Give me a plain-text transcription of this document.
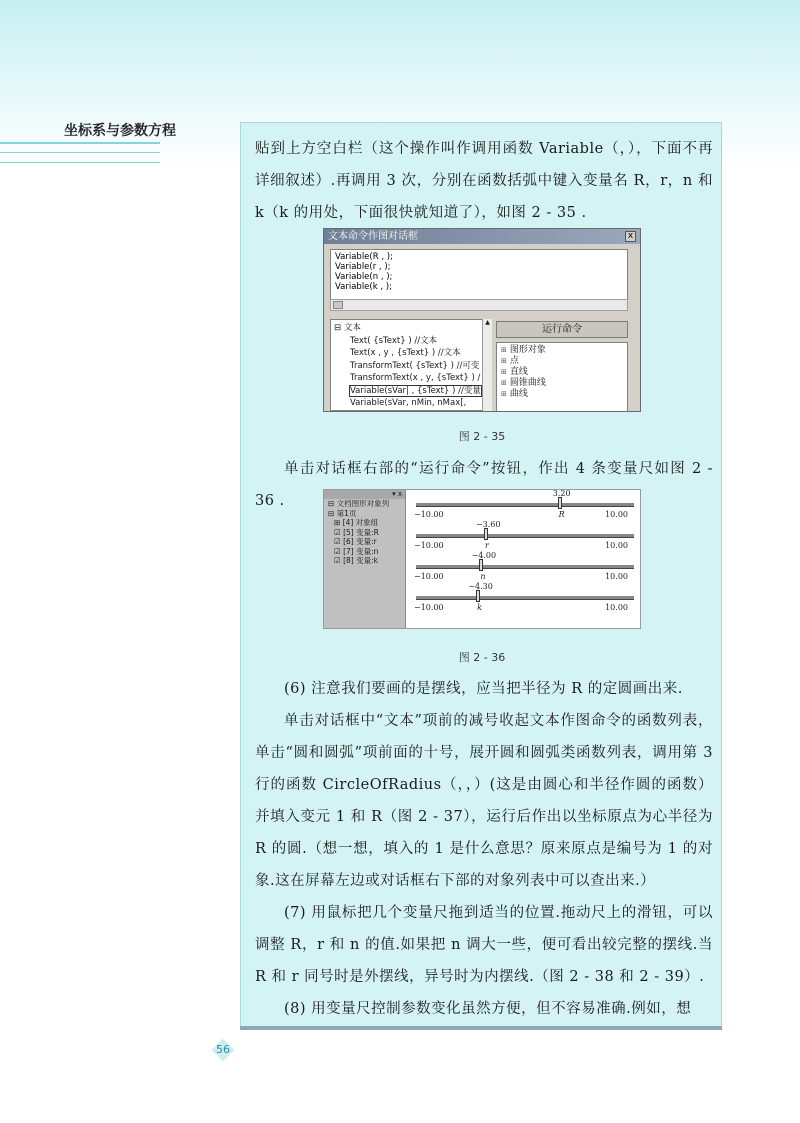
坐标系与参数方程
贴到上方空白栏（这个操作叫作调用函数 Variable（，），下面不再详细叙述）.再调用 3 次，分别在函数括弧中键入变量名 R，r，n 和 k（k 的用处，下面很快就知道了），如图 2 - 35 .
文本命令作图对话框	x
Variable(R , );
Variable(r , );
Variable(n , );
Variable(k , );
⊟ 文本
Text( {sText} ) //文本
Text(x , y , {sText} ) //文本
TransformText( {sText} ) //可变
TransformText(x , y, {sText} ) /
Variable(sVar| , {sText} ) //变量
Variable(sVar, nMin, nMax[,
▲
运行命令
⊞ 图形对象
⊞ 点
⊞ 直线
⊞ 圆锥曲线
⊞ 曲线
图 2 - 35
单击对话框右部的“运行命令”按钮，作出 4 条变量尺如图 2 - 36 .	▾ x
⊟ 文档图形对象列
⊟ 第1页
⊞ [4] 对象组
☑ [5] 变量:R
☑ [6] 变量:r
☑ [7] 变量:n
☑ [8] 变量:k
−10.00	10.00
3.20
R
−10.00	10.00
−3.60
r
−10.00	10.00
−4.00
n
−10.00	10.00
−4.30
k
图 2 - 36
(6) 注意我们要画的是摆线，应当把半径为 R 的定圆画出来.
单击对话框中“文本”项前的减号收起文本作图命令的函数列表，单击“圆和圆弧”项前面的十号，展开圆和圆弧类函数列表，调用第 3 行的函数 CircleOfRadius（，，）(这是由圆心和半径作圆的函数）并填入变元 1 和 R（图 2 - 37），运行后作出以坐标原点为心半径为 R 的圆.（想一想，填入的 1 是什么意思？原来原点是编号为 1 的对象.这在屏幕左边或对话框右下部的对象列表中可以查出来.）
(7) 用鼠标把几个变量尺拖到适当的位置.拖动尺上的滑钮，可以调整 R，r 和 n 的值.如果把 n 调大一些，便可看出较完整的摆线.当 R 和 r 同号时是外摆线，异号时为内摆线.（图 2 - 38 和 2 - 39）.
(8) 用变量尺控制参数变化虽然方便，但不容易准确.例如，想
56
